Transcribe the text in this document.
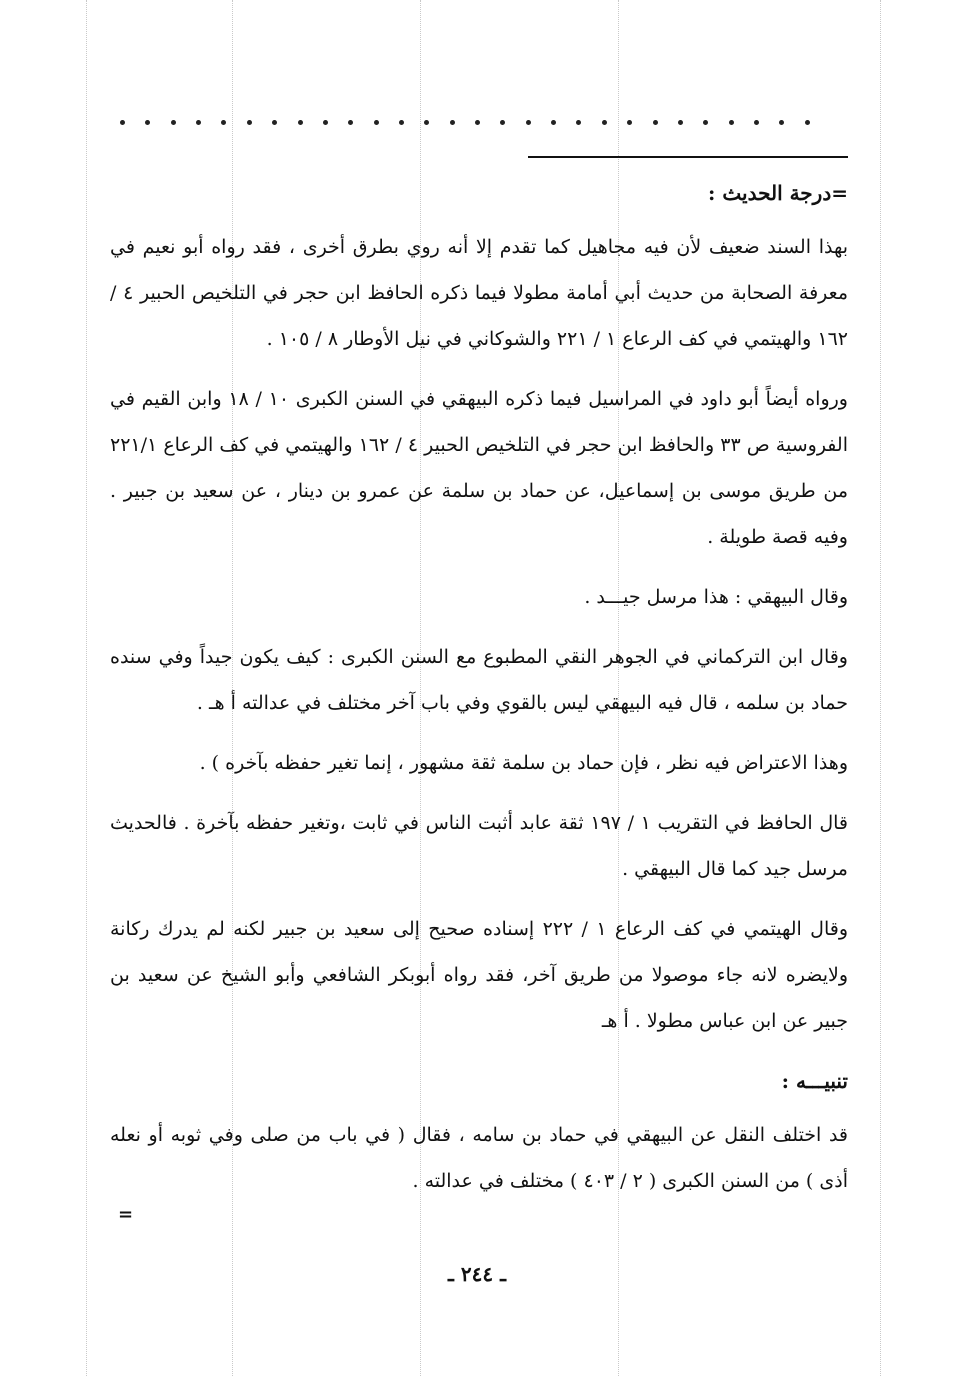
=درجة الحديث :

بهذا السند ضعيف لأن فيه مجاهيل كما تقدم إلا أنه روي بطرق أخرى ، فقد رواه أبو نعيم في معرفة الصحابة من حديث أبي أمامة مطولا فيما ذكره الحافظ ابن حجر في التلخيص الحبير ٤ / ١٦٢ والهيتمي في كف الرعاع ١ / ٢٢١ والشوكاني في نيل الأوطار ٨ / ١٠٥ .

ورواه أيضاً أبو داود في المراسيل فيما ذكره البيهقي في السنن الكبرى ١٠ / ١٨ وابن القيم في الفروسية ص ٣٣ والحافظ ابن حجر في التلخيص الحبير ٤ / ١٦٢ والهيتمي في كف الرعاع ٢٢١/١ من طريق موسى بن إسماعيل، عن حماد بن سلمة عن عمرو بن دينار ، عن سعيد بن جبير . وفيه قصة طويلة .

وقال البيهقي : هذا مرسل جيـــد .

وقال ابن التركماني في الجوهر النقي المطبوع مع السنن الكبرى : كيف يكون جيداً وفي سنده حماد بن سلمه ، قال فيه البيهقي ليس بالقوي وفي باب آخر مختلف في عدالته أ هـ .

وهذا الاعتراض فيه نظر ، فإن حماد بن سلمة ثقة مشهور ، إنما تغير حفظه بآخره ) .

قال الحافظ في التقريب ١ / ١٩٧ ثقة عابد أثبت الناس في ثابت ،وتغير حفظه بآخرة . فالحديث مرسل جيد كما قال البيهقي .

وقال الهيتمي في كف الرعاع ١ / ٢٢٢ إسناده صحيح إلى سعيد بن جبير لكنه لم يدرك ركانة ولايضره لانه جاء موصولا من طريق آخر، فقد رواه أبوبكر الشافعي وأبو الشيخ عن سعيد بن جبير عن ابن عباس مطولا . أ هـ

تنبيـــه :

قد اختلف النقل عن البيهقي في حماد بن سامه ، فقال ( في باب من صلى وفي ثوبه أو نعله أذى ) من السنن الكبرى ( ٢ / ٤٠٣ ) مختلف في عدالته .

=
ـ ٢٤٤ ـ
